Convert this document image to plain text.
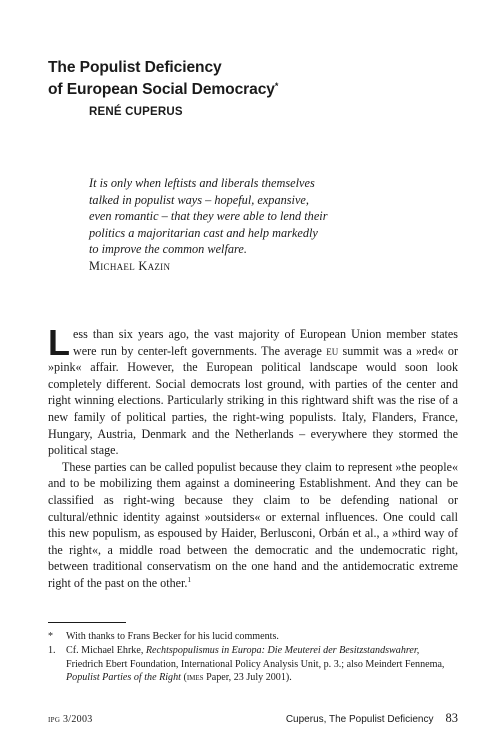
The Populist Deficiency
of European Social Democracy*
RENÉ CUPERUS
It is only when leftists and liberals themselves
talked in populist ways – hopeful, expansive,
even romantic – that they were able to lend their
politics a majoritarian cast and help markedly
to improve the common welfare.
Michael Kazin

Less than six years ago, the vast majority of European Union member states were run by center-left governments. The average eu summit was a »red« or »pink« affair. However, the European political landscape would soon look completely different. Social democrats lost ground, with parties of the center and right winning elections. Particularly striking in this rightward shift was the rise of a new family of political parties, the right-wing populists. Italy, Flanders, France, Hungary, Austria, Denmark and the Netherlands – everywhere they stormed the political stage.

These parties can be called populist because they claim to represent »the people« and to be mobilizing them against a domineering Establishment. And they can be classified as right-wing because they claim to be defending national or cultural/ethnic identity against »outsiders« or external influences. One could call this new populism, as espoused by Haider, Berlusconi, Orbán et al., a »third way of the right«, a middle road between the democratic and the undemocratic right, between traditional conservatism on the one hand and the antidemocratic extreme right of the past on the other.$^1$

* With thanks to Frans Becker for his lucid comments.
1. Cf. Michael Ehrke, Rechtspopulismus in Europa: Die Meuterei der Besitzstandswahrer, Friedrich Ebert Foundation, International Policy Analysis Unit, p. 3.; also Meindert Fennema, Populist Parties of the Right (imes Paper, 23 July 2001).
ipg 3/2003	Cuperus, The Populist Deficiency 83
